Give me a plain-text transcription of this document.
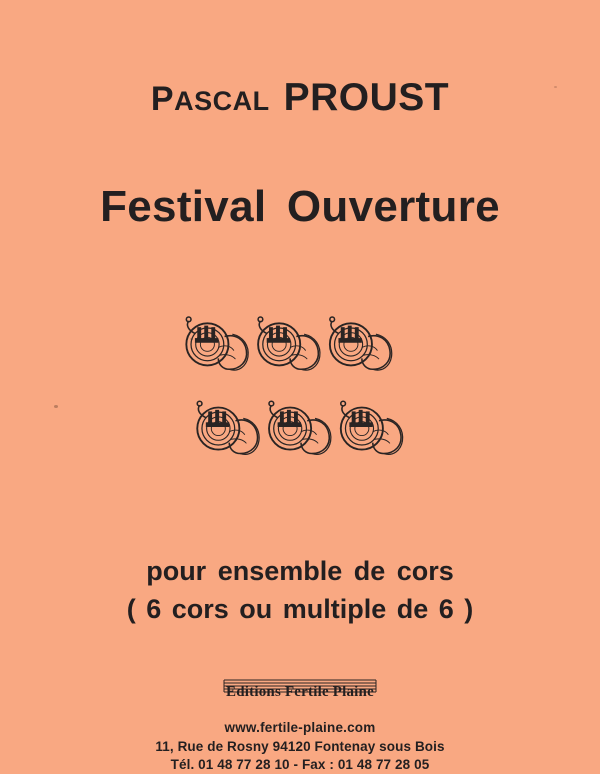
PASCAL PROUST
Festival Ouverture
pour ensemble de cors
( 6 cors ou multiple de 6 )
Editions Fertile Plaine
www.fertile-plaine.com
11, Rue de Rosny 94120 Fontenay sous Bois
Tél. 01 48 77 28 10 - Fax : 01 48 77 28 05
